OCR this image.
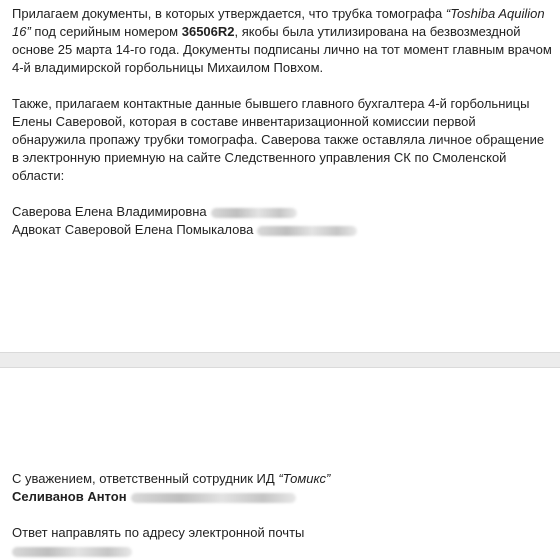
Прилагаем документы, в которых утверждается, что трубка томографа “Toshiba Aquilion 16” под серийным номером 36506R2, якобы была утилизирована на безвозмездной основе 25 марта 14-го года. Документы подписаны лично на тот момент главным врачом 4-й владимирской горбольницы Михаилом Повхом.

Также, прилагаем контактные данные бывшего главного бухгалтера 4-й горбольницы Елены Саверовой, которая в составе инвентаризационной комиссии первой обнаружила пропажу трубки томографа. Саверова также оставляла личное обращение в электронную приемную на сайте Следственного управления СК по Смоленской области:

Саверова Елена Владимировна

Адвокат Саверовой Елена Помыкалова

С уважением, ответственный сотрудник ИД “Томикс”

Селиванов Антон

Ответ направлять по адресу электронной почты
